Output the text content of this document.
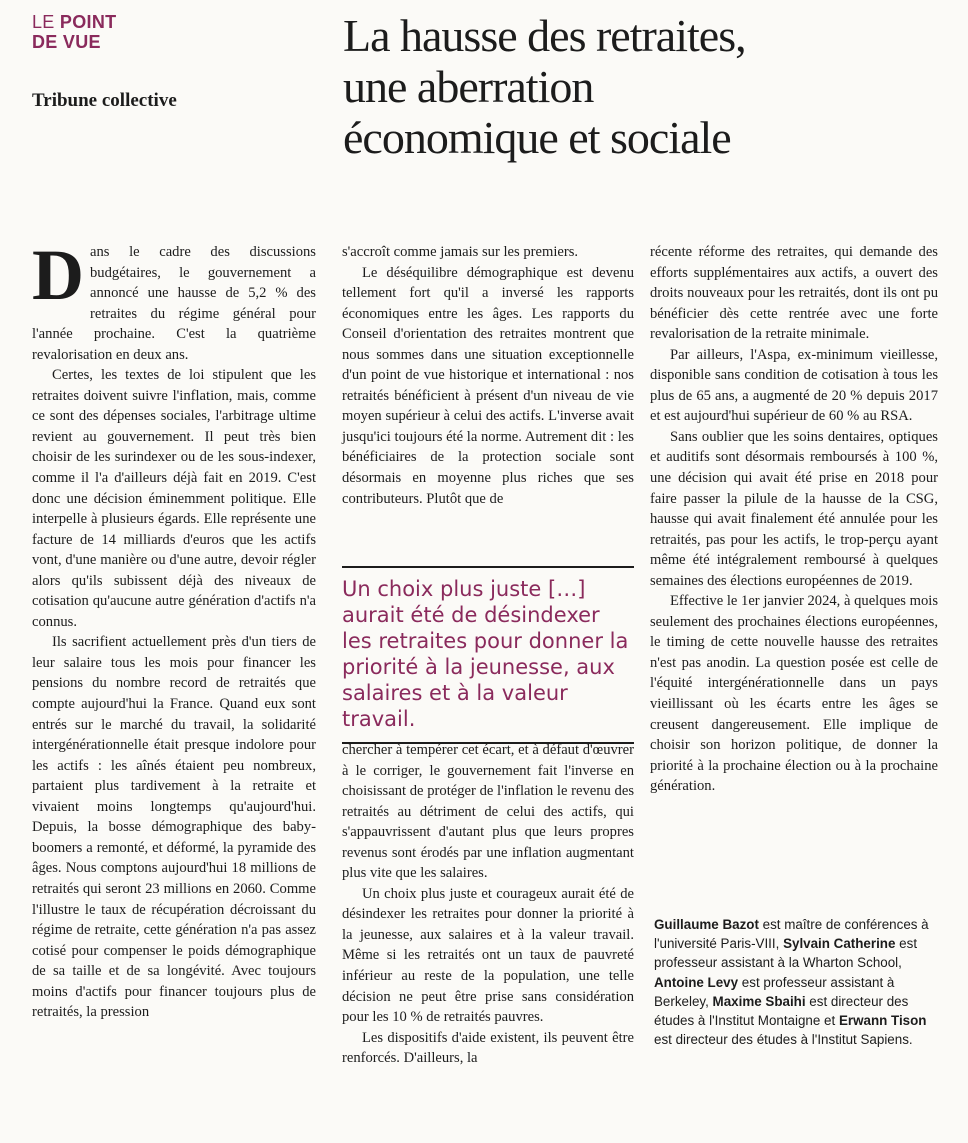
LE POINT
DE VUE
Tribune collective
La hausse des retraites,
une aberration
économique et sociale

Dans le cadre des discussions budgétaires, le gouvernement a annoncé une hausse de 5,2 % des retraites du régime général pour l'année prochaine. C'est la quatrième revalorisation en deux ans.

Certes, les textes de loi stipulent que les retraites doivent suivre l'inflation, mais, comme ce sont des dépenses sociales, l'arbitrage ultime revient au gouvernement. Il peut très bien choisir de les surindexer ou de les sous-indexer, comme il l'a d'ailleurs déjà fait en 2019. C'est donc une décision éminemment politique. Elle interpelle à plusieurs égards. Elle représente une facture de 14 milliards d'euros que les actifs vont, d'une manière ou d'une autre, devoir régler alors qu'ils subissent déjà des niveaux de cotisation qu'aucune autre génération d'actifs n'a connus.

Ils sacrifient actuellement près d'un tiers de leur salaire tous les mois pour financer les pensions du nombre record de retraités que compte aujourd'hui la France. Quand eux sont entrés sur le marché du travail, la solidarité intergénérationnelle était presque indolore pour les actifs : les aînés étaient peu nombreux, partaient plus tardivement à la retraite et vivaient moins longtemps qu'aujourd'hui. Depuis, la bosse démographique des baby-boomers a remonté, et déformé, la pyramide des âges. Nous comptons aujourd'hui 18 millions de retraités qui seront 23 millions en 2060. Comme l'illustre le taux de récupération décroissant du régime de retraite, cette génération n'a pas assez cotisé pour compenser le poids démographique de sa taille et de sa longévité. Avec toujours moins d'actifs pour financer toujours plus de retraités, la pression

s'accroît comme jamais sur les premiers.

Le déséquilibre démographique est devenu tellement fort qu'il a inversé les rapports économiques entre les âges. Les rapports du Conseil d'orientation des retraites montrent que nous sommes dans une situation exceptionnelle d'un point de vue historique et international : nos retraités bénéficient à présent d'un niveau de vie moyen supérieur à celui des actifs. L'inverse avait jusqu'ici toujours été la norme. Autrement dit : les bénéficiaires de la protection sociale sont désormais en moyenne plus riches que ses contributeurs. Plutôt que de

Un choix plus juste […] aurait été de désindexer les retraites pour donner la priorité à la jeunesse, aux salaires et à la valeur travail.

chercher à tempérer cet écart, et à défaut d'œuvrer à le corriger, le gouvernement fait l'inverse en choisissant de protéger de l'inflation le revenu des retraités au détriment de celui des actifs, qui s'appauvrissent d'autant plus que leurs propres revenus sont érodés par une inflation augmentant plus vite que les salaires.

Un choix plus juste et courageux aurait été de désindexer les retraites pour donner la priorité à la jeunesse, aux salaires et à la valeur travail. Même si les retraités ont un taux de pauvreté inférieur au reste de la population, une telle décision ne peut être prise sans considération pour les 10 % de retraités pauvres.

Les dispositifs d'aide existent, ils peuvent être renforcés. D'ailleurs, la

récente réforme des retraites, qui demande des efforts supplémentaires aux actifs, a ouvert des droits nouveaux pour les retraités, dont ils ont pu bénéficier dès cette rentrée avec une forte revalorisation de la retraite minimale.

Par ailleurs, l'Aspa, ex-minimum vieillesse, disponible sans condition de cotisation à tous les plus de 65 ans, a augmenté de 20 % depuis 2017 et est aujourd'hui supérieur de 60 % au RSA.

Sans oublier que les soins dentaires, optiques et auditifs sont désormais remboursés à 100 %, une décision qui avait été prise en 2018 pour faire passer la pilule de la hausse de la CSG, hausse qui avait finalement été annulée pour les retraités, pas pour les actifs, le trop-perçu ayant même été intégralement remboursé à quelques semaines des élections européennes de 2019.

Effective le 1er janvier 2024, à quelques mois seulement des prochaines élections européennes, le timing de cette nouvelle hausse des retraites n'est pas anodin. La question posée est celle de l'équité intergénérationnelle dans un pays vieillissant où les écarts entre les âges se creusent dangereusement. Elle implique de choisir son horizon politique, de donner la priorité à la prochaine élection ou à la prochaine génération.

Guillaume Bazot est maître de conférences à l'université Paris-VIII, Sylvain Catherine est professeur assistant à la Wharton School, Antoine Levy est professeur assistant à Berkeley, Maxime Sbaihi est directeur des études à l'Institut Montaigne et Erwann Tison est directeur des études à l'Institut Sapiens.
